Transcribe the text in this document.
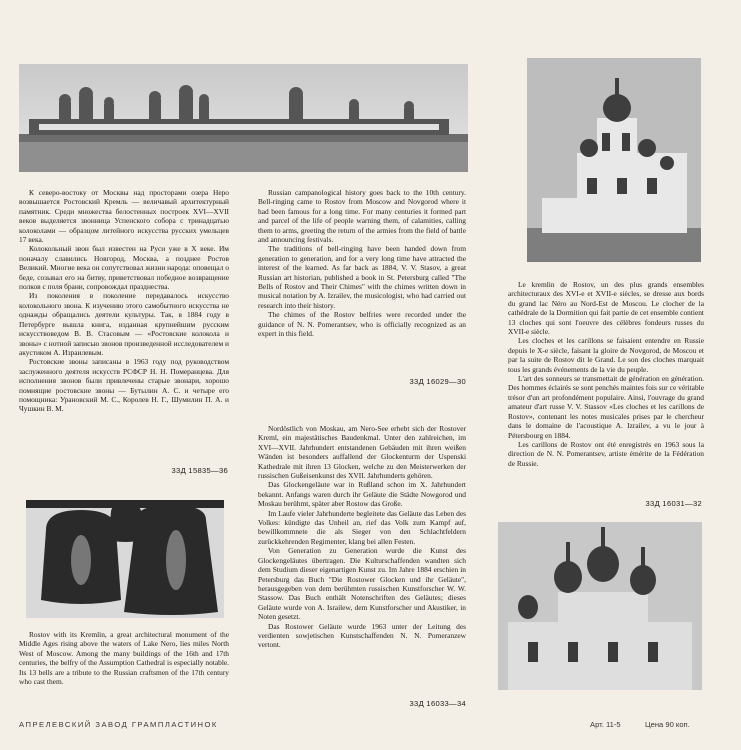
К северо-востоку от Москвы над просторами озера Неро возвышается Ростовский Кремль — величавый архитектурный памятник. Среди множества белостенных построек XVI—XVII веков выделяется звонница Успенского собора с тринадцатью колоколами — образцом литейного искусства русских умельцев 17 века.

Колокольный звон был известен на Руси уже в Х веке. Им поначалу славились Новгород, Москва, а позднее Ростов Великий. Многие века он сопутствовал жизни народа: оповещал о беде, созывал его на битву, приветствовал победное возвращение полков с поля брани, сопровождал празднества.

Из поколения в поколение передавалось искусство колокольного звона. К изучению этого самобытного искусства не однажды обращались деятели культуры. Так, в 1884 году в Петербурге вышла книга, изданная крупнейшим русским искусствоведом В. В. Стасовым — «Ростовские колокола и звоны» с нотной записью звонов произведенной исследователем и акустиком А. Израилевым.

Ростовские звоны записаны в 1963 году под руководством заслуженного деятеля искусств РСФСР Н. Н. Померанцева. Для исполнения звонов были привлечены старые звонари, хорошо помнящие ростовские звоны — Бутылин А. С. и четыре его помощника: Урановский М. С., Королев Н. Г., Шумилин П. А. и Чушкин В. М.

33Д 15835—36

Russian campanological history goes back to the 10th century. Bell-ringing came to Rostov from Moscow and Novgorod where it had been famous for a long time. For many centuries it formed part and parcel of the life of people warning them, of calamities, calling them to arms, greeting the return of the armies from the field of battle and announcing festivals.

The traditions of bell-ringing have been handed down from generation to generation, and for a very long time have attracted the interest of the learned. As far back as 1884, V. V. Stasov, a great Russian art historian, published a book in St. Petersburg called "The Bells of Rostov and Their Chimes" with the chimes written down in musical notation by A. Izrailev, the musicologist, who had carried out research into their history.

The chimes of the Rostov belfries were recorded under the guidance of N. N. Pomerantsev, who is officially recognized as an expert in this field.

33Д 16029—30

Le kremlin de Rostov, un des plus grands ensembles architecturaux des XVI-e et XVII-e siècles, se dresse aux bords du grand lac Néro au Nord-Est de Moscou. Le clocher de la cathédrale de la Dormition qui fait partie de cet ensemble contient 13 cloches qui sont l'oeuvre des célèbres fondeurs russes du XVII-e siècle.

Les cloches et les carillons se faisaient entendre en Russie depuis le X-e siècle, faisant la gloire de Novgorod, de Moscou et par la suite de Rostov dit le Grand. Le son des cloches marquait tous les grands événements de la vie du peuple.

L'art des sonneurs se transmettait de génération en génération. Des hommes éclairés se sont penchés maintes fois sur ce véritable trésor d'un art profondément populaire. Ainsi, l'ouvrage du grand amateur d'art russe V. V. Stassov «Les cloches et les carillons de Rostov», contenant les notes musicales prises par le chercheur dans le domaine de l'acoustique A. Izrailev, a vu le jour à Pétersbourg en 1884.

Les carillons de Rostov ont été enregistrés en 1963 sous la direction de N. N. Pomerantsev, artiste émérite de la Fédération de Russie.

33Д 16031—32

Nordöstlich von Moskau, am Nero-See erhebt sich der Rostover Kreml, ein majestätisches Baudenkmal. Unter den zahlreichen, im XVI—XVII. Jahrhundert entstandenen Gebäuden mit ihren weißen Wänden ist besonders auffallend der Glockenturm der Uspenski Kathedrale mit ihren 13 Glocken, welche zu den Meisterwerken der russischen Gußeisenkunst des XVII. Jahrhunderts gehören.

Das Glockengeläute war in Rußland schon im X. Jahrhundert bekannt. Anfangs waren durch ihr Geläute die Städte Nowgorod und Moskau berühmt, später aber Rostow das Große.

Im Laufe vieler Jahrhunderte begleitete das Geläute das Leben des Volkes: kündigte das Unheil an, rief das Volk zum Kampf auf, bewillkommnete die als Sieger von den Schlachtfeldern zurückkehrenden Regimenter, klang bei allen Festen.

Von Generation zu Generation wurde die Kunst des Glockengeläutes übertragen. Die Kulturschaffenden wandten sich dem Studium dieser eigenartigen Kunst zu. Im Jahre 1884 erschien in Petersburg das Buch "Die Rostower Glocken und ihr Geläute", herausgegeben von dem berühmten russischen Kunstforscher W. W. Stassow. Das Buch enthält Notenschriften des Geläutes; dieses Geläute wurde von A. Israilew, dem Kunstforscher und Akustiker, in Noten gesetzt.

Das Rostower Geläute wurde 1963 unter der Leitung des verdienten sowjetischen Kunstschaffenden N. N. Pomeranzew vertont.

33Д 16033—34

Rostov with its Kremlin, a great architectural monument of the Middle Ages rising above the waters of Lake Nero, lies miles North West of Moscow. Among the many buildings of the 16th and 17th centuries, the belfry of the Assumption Cathedral is especially notable. Its 13 bells are a tribute to the Russian craftsmen of the 17th century who cast them.

АПРЕЛЕВСКИЙ ЗАВОД ГРАМПЛАСТИНОК	Арт. 11-5	Цена 90 коп.
